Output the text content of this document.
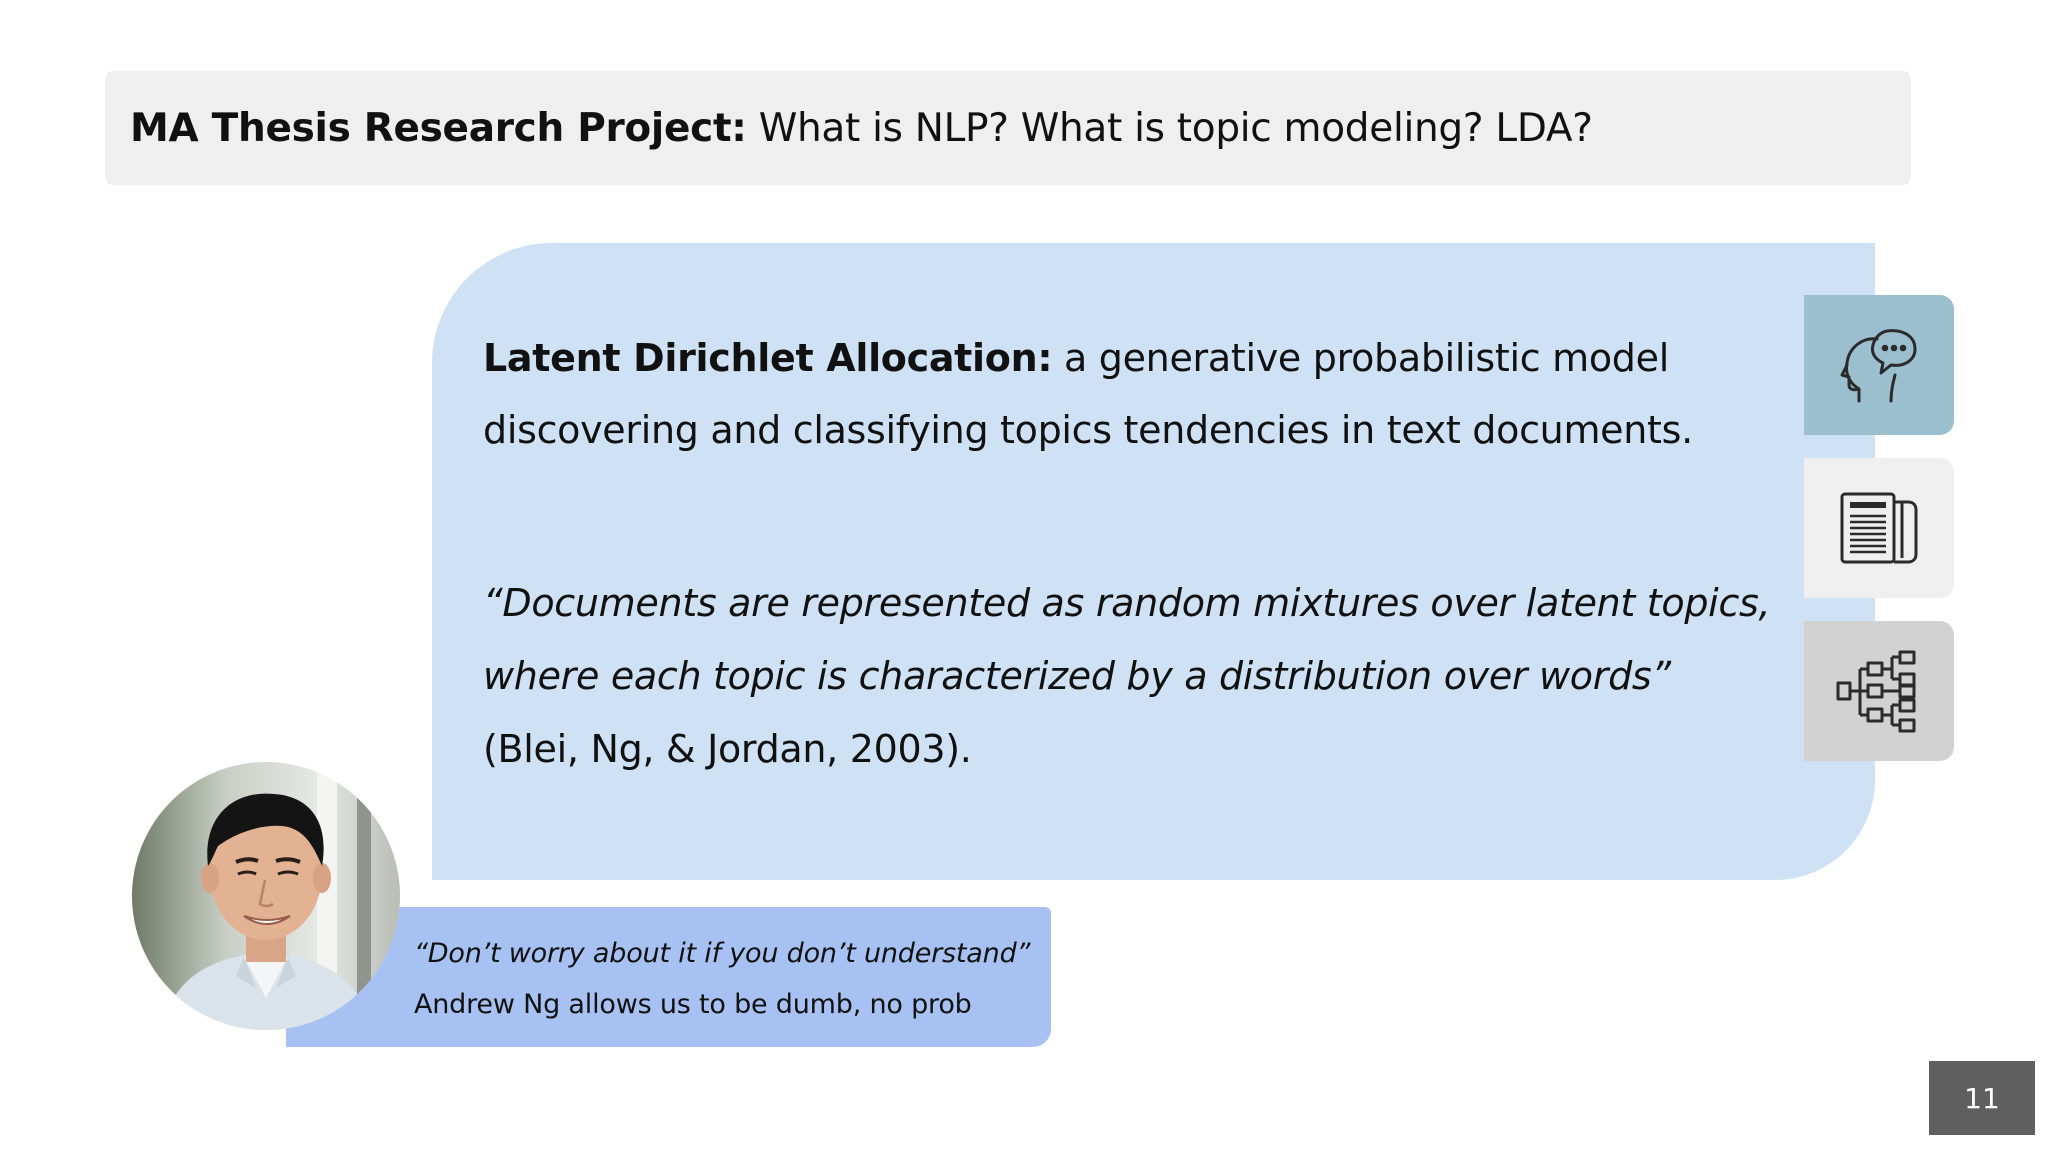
MA Thesis Research Project: What is NLP? What is topic modeling? LDA?
Latent Dirichlet Allocation: a generative probabilistic model discovering and classifying topics tendencies in text documents.
“Documents are represented as random mixtures over latent topics,
where each topic is characterized by a distribution over words”
(Blei, Ng, & Jordan, 2003).
“Don’t worry about it if you don’t understand”
Andrew Ng allows us to be dumb, no prob
11
